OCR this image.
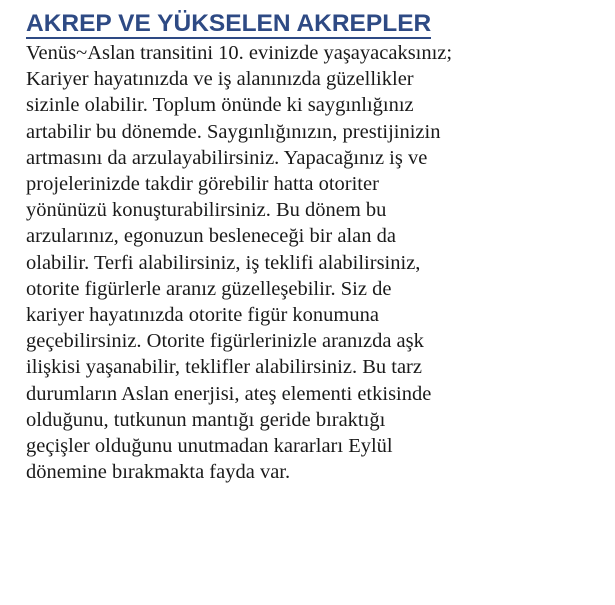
AKREP VE YÜKSELEN AKREPLER
Venüs~Aslan transitini 10. evinizde yaşayacaksınız;
Kariyer hayatınızda ve iş alanınızda güzellikler
sizinle olabilir. Toplum önünde ki saygınlığınız
artabilir bu dönemde. Saygınlığınızın, prestijinizin
artmasını da arzulayabilirsiniz. Yapacağınız iş ve
projelerinizde takdir görebilir hatta otoriter
yönünüzü konuşturabilirsiniz. Bu dönem bu
arzularınız, egonuzun besleneceği bir alan da
olabilir. Terfi alabilirsiniz, iş teklifi alabilirsiniz,
otorite figürlerle aranız güzelleşebilir. Siz de
kariyer hayatınızda otorite figür konumuna
geçebilirsiniz. Otorite figürlerinizle aranızda aşk
ilişkisi yaşanabilir, teklifler alabilirsiniz. Bu tarz
durumların Aslan enerjisi, ateş elementi etkisinde
olduğunu, tutkunun mantığı geride bıraktığı
geçişler olduğunu unutmadan kararları Eylül
dönemine bırakmakta fayda var.
